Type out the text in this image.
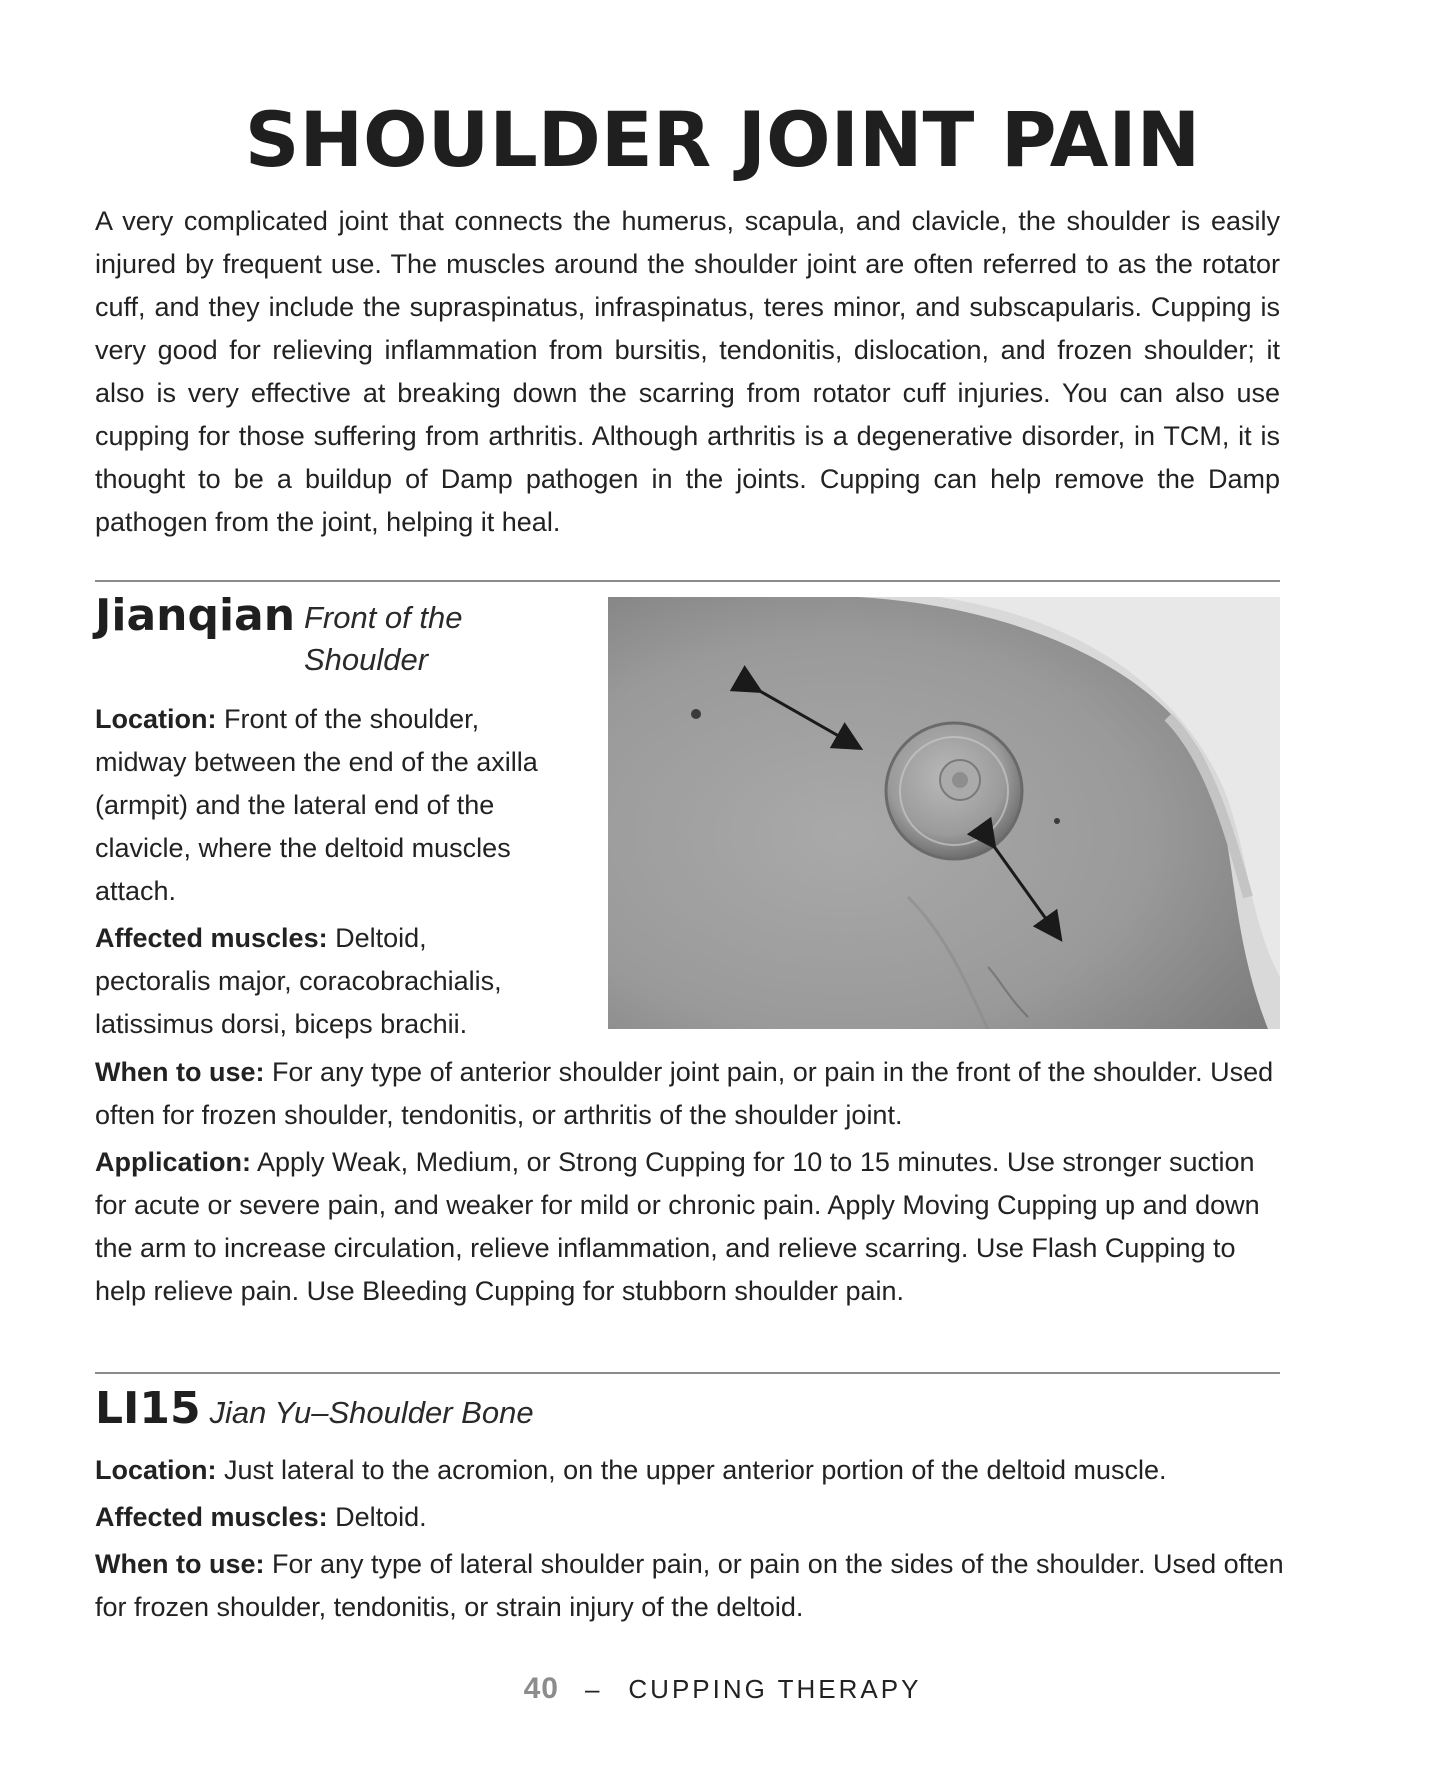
SHOULDER JOINT PAIN

A very complicated joint that connects the humerus, scapula, and clavicle, the shoulder is easily injured by frequent use. The muscles around the shoulder joint are often referred to as the rotator cuff, and they include the supraspinatus, infraspinatus, teres minor, and subscapularis. Cupping is very good for relieving inflammation from bursitis, tendonitis, dislocation, and frozen shoulder; it also is very effective at breaking down the scarring from rotator cuff injuries. You can also use cupping for those suffering from arthritis. Although arthritis is a degenerative disorder, in TCM, it is thought to be a buildup of Damp pathogen in the joints. Cupping can help remove the Damp pathogen from the joint, helping it heal.

Jianqian Front of the Shoulder

Location: Front of the shoulder, midway between the end of the axilla (armpit) and the lateral end of the clavicle, where the deltoid muscles attach.

Affected muscles: Deltoid, pectoralis major, coracobrachialis, latissimus dorsi, biceps brachii.

When to use: For any type of anterior shoulder joint pain, or pain in the front of the shoulder. Used often for frozen shoulder, tendonitis, or arthritis of the shoulder joint.

Application: Apply Weak, Medium, or Strong Cupping for 10 to 15 minutes. Use stronger suction for acute or severe pain, and weaker for mild or chronic pain. Apply Moving Cupping up and down the arm to increase circulation, relieve inflammation, and relieve scarring. Use Flash Cupping to help relieve pain. Use Bleeding Cupping for stubborn shoulder pain.

LI15 Jian Yu–Shoulder Bone

Location: Just lateral to the acromion, on the upper anterior portion of the deltoid muscle.

Affected muscles: Deltoid.

When to use: For any type of lateral shoulder pain, or pain on the sides of the shoulder. Used often for frozen shoulder, tendonitis, or strain injury of the deltoid.

40 – CUPPING THERAPY
